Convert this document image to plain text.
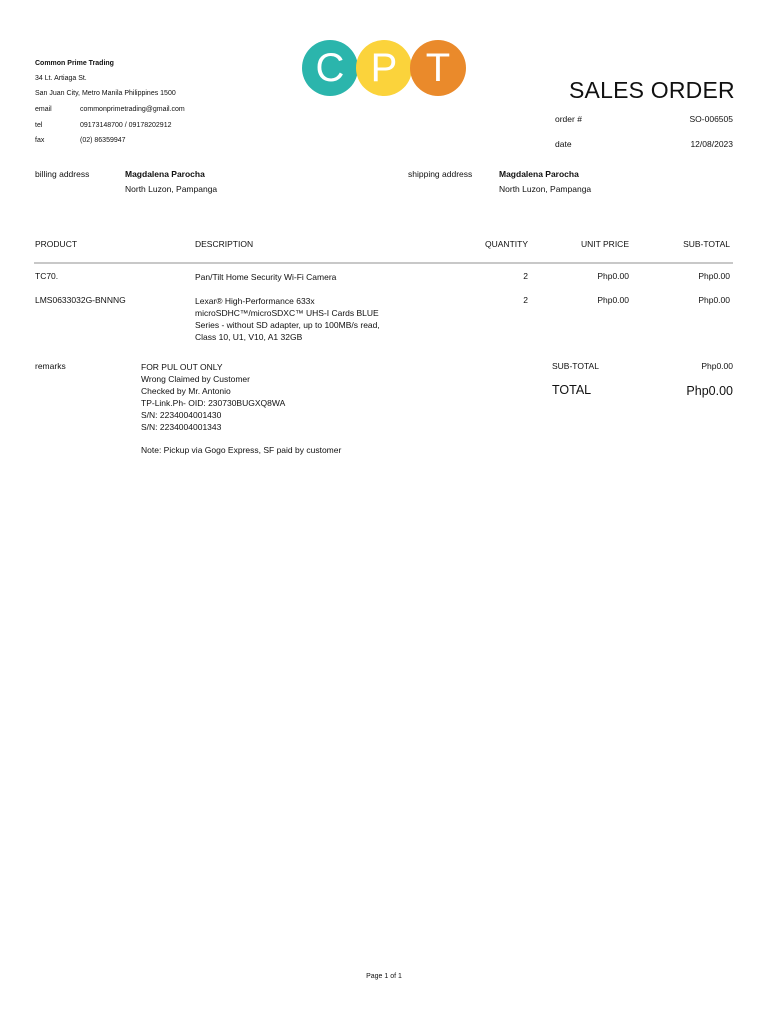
Common Prime Trading
34 Lt. Artiaga St.
San Juan City, Metro Manila Philippines 1500
email	commonprimetrading@gmail.com
tel	09173148700 / 09178202912
fax	(02) 86359947
C P T	SALES ORDER
order #	SO-006505
date	12/08/2023
billing address	Magdalena Parocha
North Luzon, Pampanga
shipping address	Magdalena Parocha
North Luzon, Pampanga
PRODUCT	DESCRIPTION	QUANTITY	UNIT PRICE	SUB-TOTAL
TC70.	Pan/Tilt Home Security Wi-Fi Camera	2	Php0.00	Php0.00
LMS0633032G-BNNNG	Lexar® High-Performance 633x
microSDHC™/microSDXC™ UHS-I Cards BLUE
Series - without SD adapter, up to 100MB/s read,
Class 10, U1, V10, A1 32GB
2	Php0.00	Php0.00
remarks	FOR PUL OUT ONLY
Wrong Claimed by Customer
Checked by Mr. Antonio
TP-Link.Ph- OID: 230730BUGXQ8WA
S/N: 2234004001430
S/N: 2234004001343
Note: Pickup via Gogo Express, SF paid by customer
SUB-TOTAL	Php0.00
TOTAL	Php0.00
Page 1 of 1
